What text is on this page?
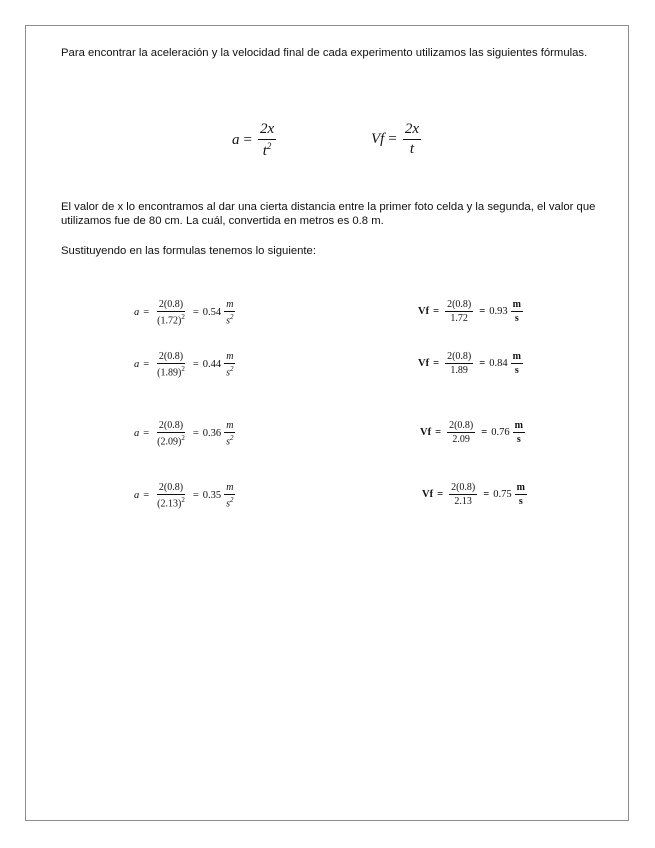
Para encontrar la aceleración y la velocidad final de cada experimento utilizamos las siguientes fórmulas.

$a = \frac{2x}{t^2}$	$Vf = \frac{2x}{t}$

El valor de x lo encontramos al dar una cierta distancia entre la primer foto celda y la segunda, el valor que utilizamos fue de 80 cm. La cuál, convertida en metros es 0.8 m.

Sustituyendo en las formulas tenemos lo siguiente:

$a = \frac{2(0.8)}{(1.72)^2} = 0.54 \frac{m}{s^2}$
$a = \frac{2(0.8)}{(1.89)^2} = 0.44 \frac{m}{s^2}$
$a = \frac{2(0.8)}{(2.09)^2} = 0.36 \frac{m}{s^2}$
$a = \frac{2(0.8)}{(2.13)^2} = 0.35 \frac{m}{s^2}$
$Vf = \frac{2(0.8)}{1.72} = 0.93 \frac{m}{s}$
$Vf = \frac{2(0.8)}{1.89} = 0.84 \frac{m}{s}$
$Vf = \frac{2(0.8)}{2.09} = 0.76 \frac{m}{s}$
$Vf = \frac{2(0.8)}{2.13} = 0.75 \frac{m}{s}$
